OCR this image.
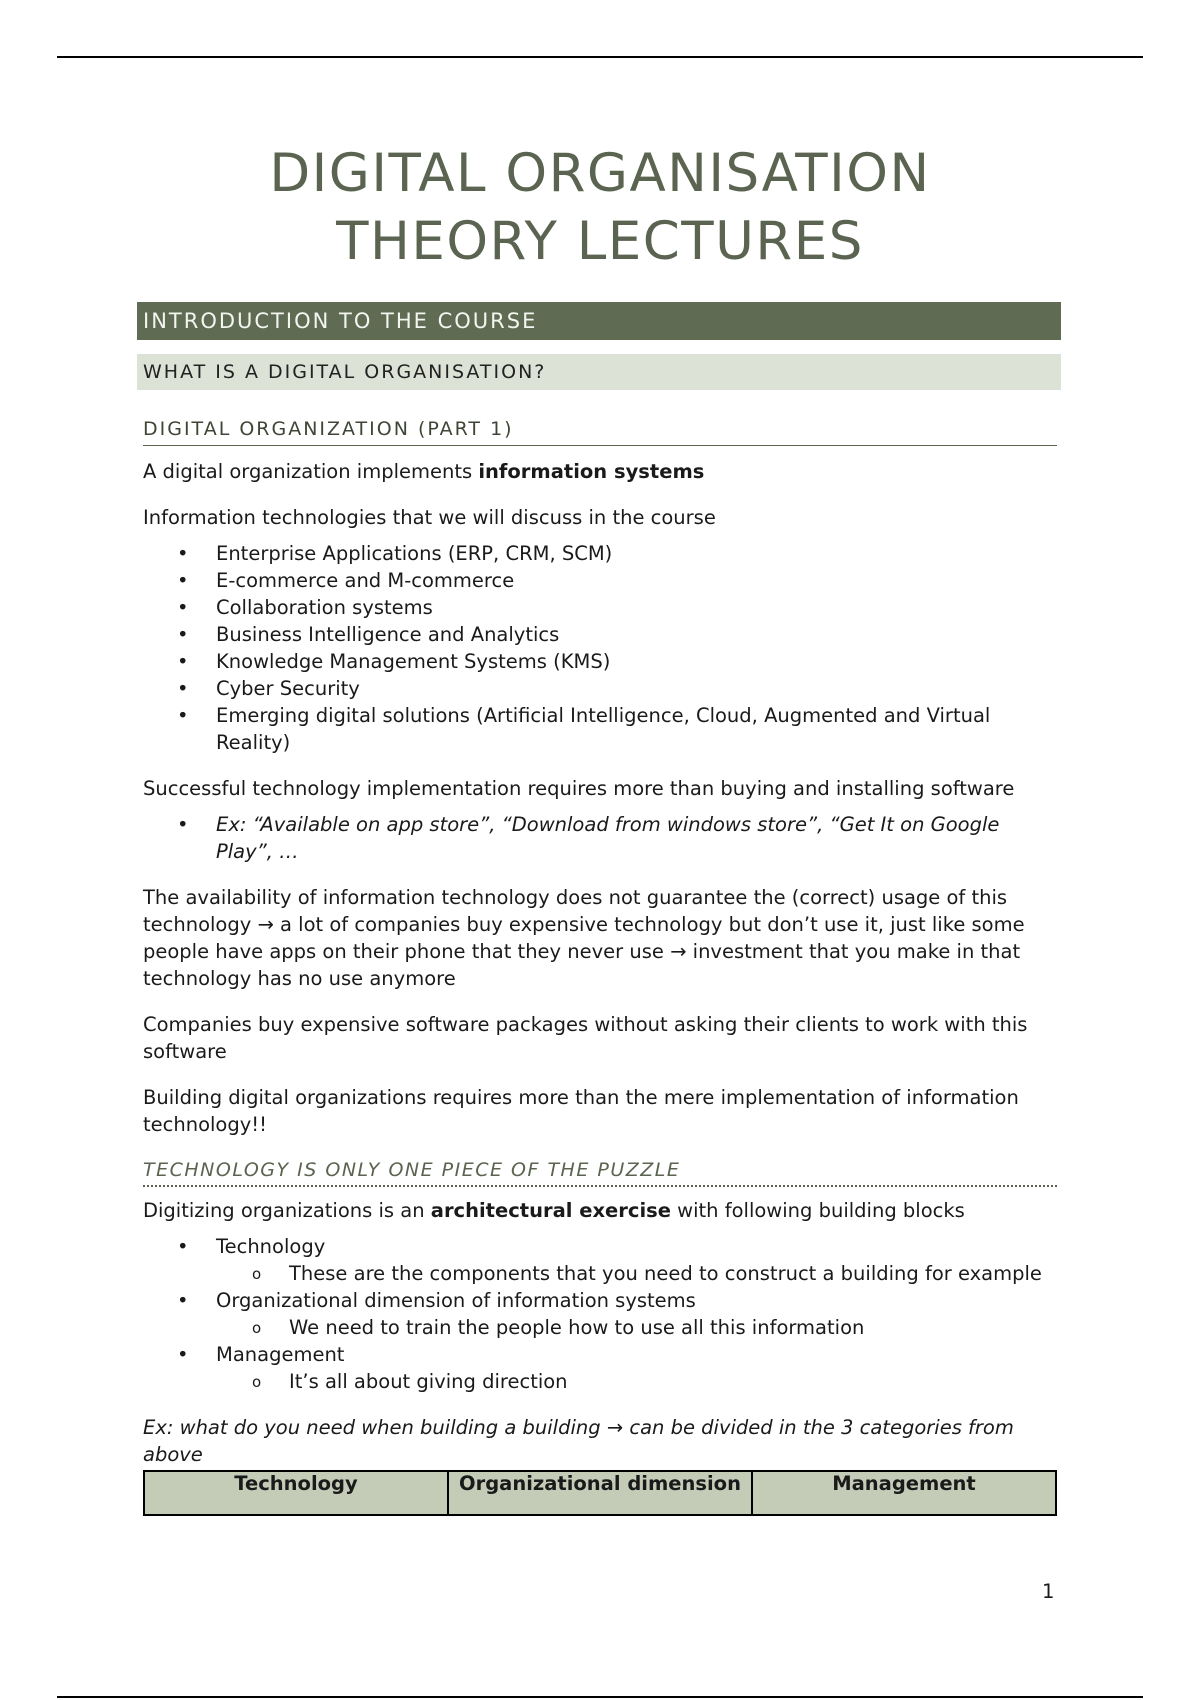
DIGITAL ORGANISATION
THEORY LECTURES
INTRODUCTION TO THE COURSE
WHAT IS A DIGITAL ORGANISATION?
DIGITAL ORGANIZATION (PART 1)

A digital organization implements information systems

Information technologies that we will discuss in the course

• Enterprise Applications (ERP, CRM, SCM)
• E-commerce and M-commerce
• Collaboration systems
• Business Intelligence and Analytics
• Knowledge Management Systems (KMS)
• Cyber Security
• Emerging digital solutions (Artificial Intelligence, Cloud, Augmented and Virtual Reality)

Successful technology implementation requires more than buying and installing software

• Ex: “Available on app store”, “Download from windows store”, “Get It on Google Play”, …

The availability of information technology does not guarantee the (correct) usage of this technology → a lot of companies buy expensive technology but don’t use it, just like some people have apps on their phone that they never use → investment that you make in that technology has no use anymore

Companies buy expensive software packages without asking their clients to work with this software

Building digital organizations requires more than the mere implementation of information technology!!

TECHNOLOGY IS ONLY ONE PIECE OF THE PUZZLE

Digitizing organizations is an architectural exercise with following building blocks

• Technology
o These are the components that you need to construct a building for example
• Organizational dimension of information systems
o We need to train the people how to use all this information
• Management
o It’s all about giving direction

Ex: what do you need when building a building → can be divided in the 3 categories from above

Technology	Organizational dimension	Management
1
